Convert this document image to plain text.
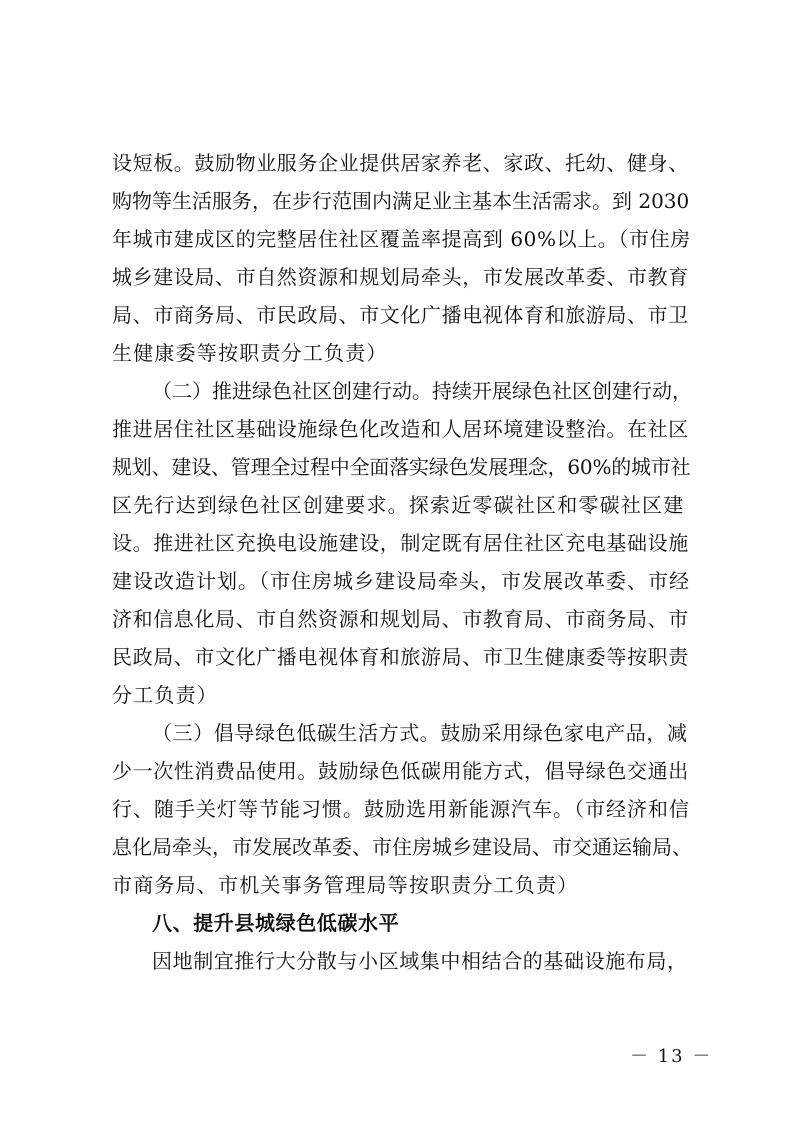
设短板。鼓励物业服务企业提供居家养老、家政、托幼、健身、
购物等生活服务，在步行范围内满足业主基本生活需求。到 2030
年城市建成区的完整居住社区覆盖率提高到 60%以上。（市住房
城乡建设局、市自然资源和规划局牵头，市发展改革委、市教育
局、市商务局、市民政局、市文化广播电视体育和旅游局、市卫
生健康委等按职责分工负责）
（二）推进绿色社区创建行动。持续开展绿色社区创建行动，
推进居住社区基础设施绿色化改造和人居环境建设整治。在社区
规划、建设、管理全过程中全面落实绿色发展理念，60%的城市社
区先行达到绿色社区创建要求。探索近零碳社区和零碳社区建
设。推进社区充换电设施建设，制定既有居住社区充电基础设施
建设改造计划。（市住房城乡建设局牵头，市发展改革委、市经
济和信息化局、市自然资源和规划局、市教育局、市商务局、市
民政局、市文化广播电视体育和旅游局、市卫生健康委等按职责
分工负责）
（三）倡导绿色低碳生活方式。鼓励采用绿色家电产品，减
少一次性消费品使用。鼓励绿色低碳用能方式，倡导绿色交通出
行、随手关灯等节能习惯。鼓励选用新能源汽车。（市经济和信
息化局牵头，市发展改革委、市住房城乡建设局、市交通运输局、
市商务局、市机关事务管理局等按职责分工负责）
八、提升县城绿色低碳水平
因地制宜推行大分散与小区域集中相结合的基础设施布局，
－ 13 －
